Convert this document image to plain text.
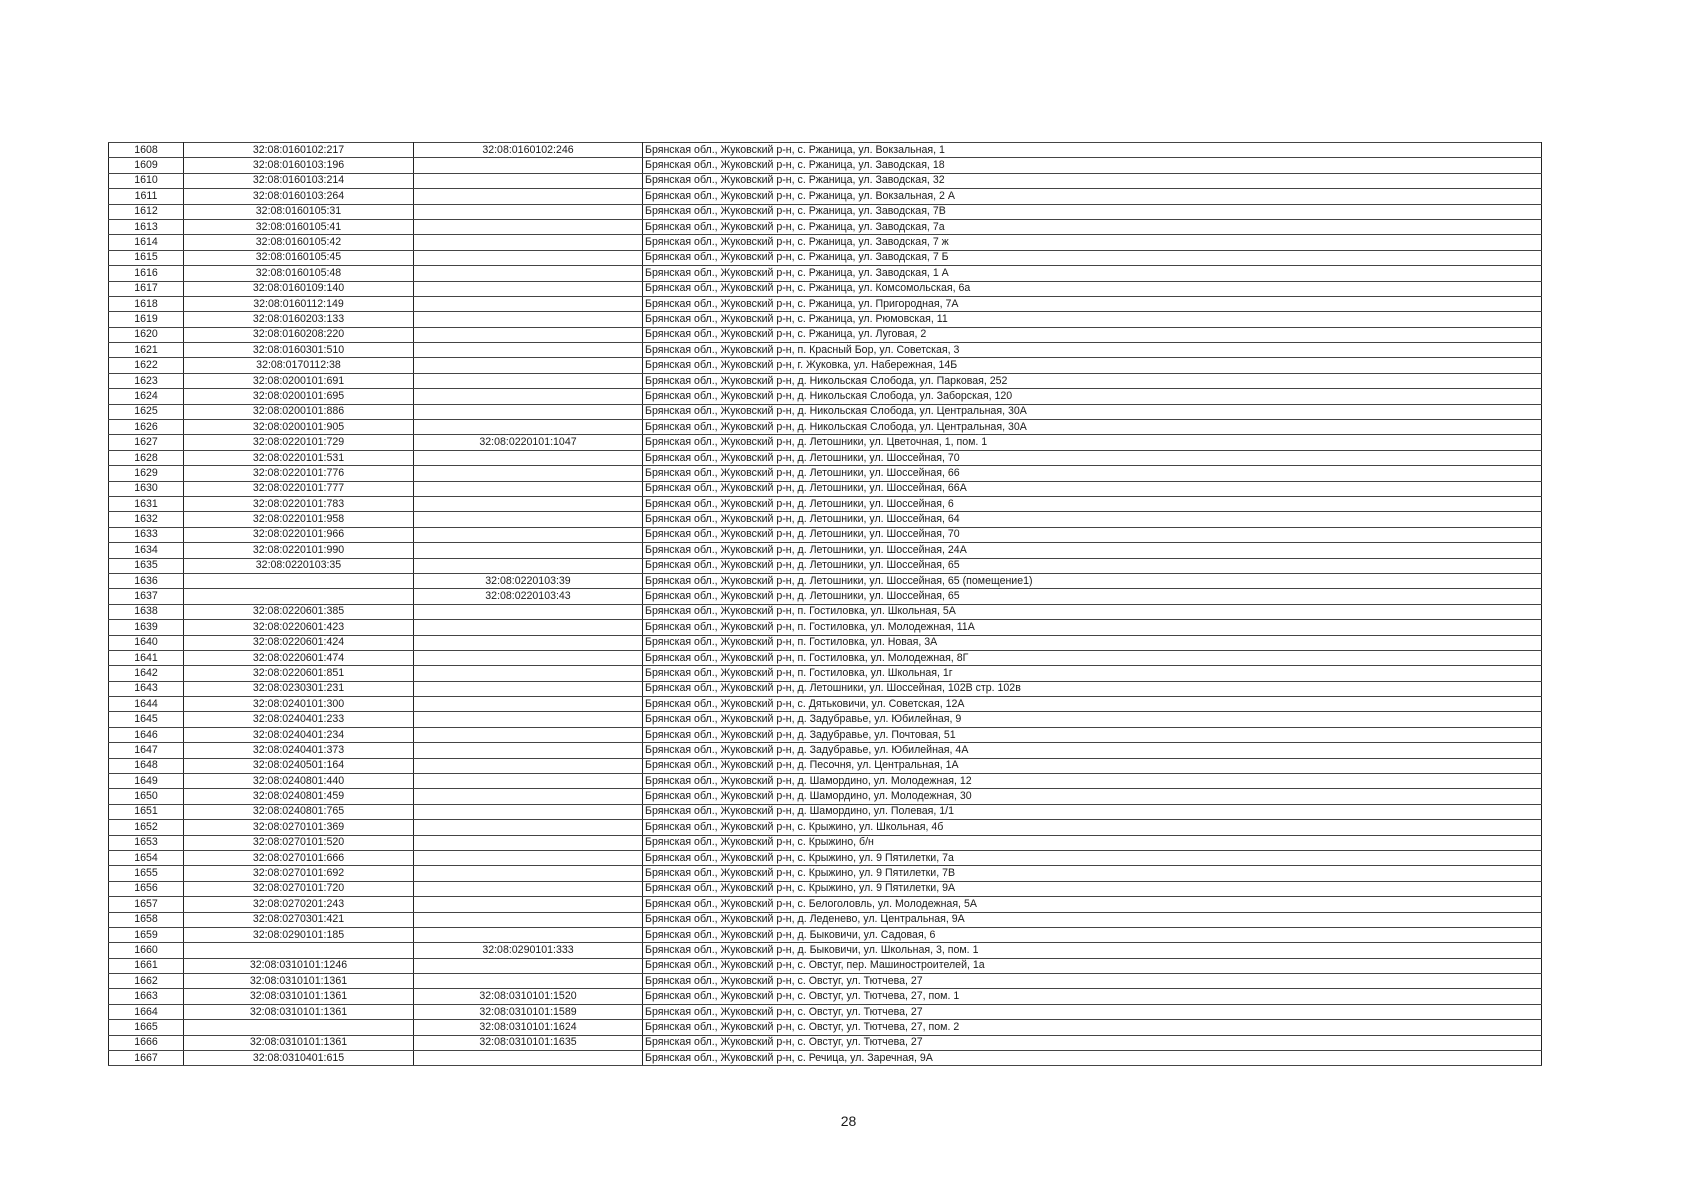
1608	32:08:0160102:217	32:08:0160102:246	Брянская обл., Жуковский р-н, с. Ржаница, ул. Вокзальная, 1
1609	32:08:0160103:196		Брянская обл., Жуковский р-н, с. Ржаница, ул. Заводская, 18
1610	32:08:0160103:214		Брянская обл., Жуковский р-н, с. Ржаница, ул. Заводская, 32
1611	32:08:0160103:264		Брянская обл., Жуковский р-н, с. Ржаница, ул. Вокзальная, 2 А
1612	32:08:0160105:31		Брянская обл., Жуковский р-н, с. Ржаница, ул. Заводская, 7В
1613	32:08:0160105:41		Брянская обл., Жуковский р-н, с. Ржаница, ул. Заводская, 7а
1614	32:08:0160105:42		Брянская обл., Жуковский р-н, с. Ржаница, ул. Заводская, 7 ж
1615	32:08:0160105:45		Брянская обл., Жуковский р-н, с. Ржаница, ул. Заводская, 7 Б
1616	32:08:0160105:48		Брянская обл., Жуковский р-н, с. Ржаница, ул. Заводская, 1 А
1617	32:08:0160109:140		Брянская обл., Жуковский р-н, с. Ржаница, ул. Комсомольская, 6а
1618	32:08:0160112:149		Брянская обл., Жуковский р-н, с. Ржаница, ул. Пригородная, 7А
1619	32:08:0160203:133		Брянская обл., Жуковский р-н, с. Ржаница, ул. Рюмовская, 11
1620	32:08:0160208:220		Брянская обл., Жуковский р-н, с. Ржаница, ул. Луговая, 2
1621	32:08:0160301:510		Брянская обл., Жуковский р-н, п. Красный Бор, ул. Советская, 3
1622	32:08:0170112:38		Брянская обл., Жуковский р-н, г. Жуковка, ул. Набережная, 14Б
1623	32:08:0200101:691		Брянская обл., Жуковский р-н, д. Никольская Слобода, ул. Парковая, 252
1624	32:08:0200101:695		Брянская обл., Жуковский р-н, д. Никольская Слобода, ул. Заборская, 120
1625	32:08:0200101:886		Брянская обл., Жуковский р-н, д. Никольская Слобода, ул. Центральная, 30А
1626	32:08:0200101:905		Брянская обл., Жуковский р-н, д. Никольская Слобода, ул. Центральная, 30А
1627	32:08:0220101:729	32:08:0220101:1047	Брянская обл., Жуковский р-н, д. Летошники, ул. Цветочная, 1, пом. 1
1628	32:08:0220101:531		Брянская обл., Жуковский р-н, д. Летошники, ул. Шоссейная, 70
1629	32:08:0220101:776		Брянская обл., Жуковский р-н, д. Летошники, ул. Шоссейная, 66
1630	32:08:0220101:777		Брянская обл., Жуковский р-н, д. Летошники, ул. Шоссейная, 66А
1631	32:08:0220101:783		Брянская обл., Жуковский р-н, д. Летошники, ул. Шоссейная, 6
1632	32:08:0220101:958		Брянская обл., Жуковский р-н, д. Летошники, ул. Шоссейная, 64
1633	32:08:0220101:966		Брянская обл., Жуковский р-н, д. Летошники, ул. Шоссейная, 70
1634	32:08:0220101:990		Брянская обл., Жуковский р-н, д. Летошники, ул. Шоссейная, 24А
1635	32:08:0220103:35		Брянская обл., Жуковский р-н, д. Летошники, ул. Шоссейная, 65
1636		32:08:0220103:39	Брянская обл., Жуковский р-н, д. Летошники, ул. Шоссейная, 65 (помещение1)
1637		32:08:0220103:43	Брянская обл., Жуковский р-н, д. Летошники, ул. Шоссейная, 65
1638	32:08:0220601:385		Брянская обл., Жуковский р-н, п. Гостиловка, ул. Школьная, 5А
1639	32:08:0220601:423		Брянская обл., Жуковский р-н, п. Гостиловка, ул. Молодежная, 11А
1640	32:08:0220601:424		Брянская обл., Жуковский р-н, п. Гостиловка, ул. Новая, 3А
1641	32:08:0220601:474		Брянская обл., Жуковский р-н, п. Гостиловка, ул. Молодежная, 8Г
1642	32:08:0220601:851		Брянская обл., Жуковский р-н, п. Гостиловка, ул. Школьная, 1г
1643	32:08:0230301:231		Брянская обл., Жуковский р-н, д. Летошники, ул. Шоссейная, 102В стр. 102в
1644	32:08:0240101:300		Брянская обл., Жуковский р-н, с. Дятьковичи, ул. Советская, 12А
1645	32:08:0240401:233		Брянская обл., Жуковский р-н, д. Задубравье, ул. Юбилейная, 9
1646	32:08:0240401:234		Брянская обл., Жуковский р-н, д. Задубравье, ул. Почтовая, 51
1647	32:08:0240401:373		Брянская обл., Жуковский р-н, д. Задубравье, ул. Юбилейная, 4А
1648	32:08:0240501:164		Брянская обл., Жуковский р-н, д. Песочня, ул. Центральная, 1А
1649	32:08:0240801:440		Брянская обл., Жуковский р-н, д. Шамордино, ул. Молодежная, 12
1650	32:08:0240801:459		Брянская обл., Жуковский р-н, д. Шамордино, ул. Молодежная, 30
1651	32:08:0240801:765		Брянская обл., Жуковский р-н, д. Шамордино, ул. Полевая, 1/1
1652	32:08:0270101:369		Брянская обл., Жуковский р-н, с. Крыжино, ул. Школьная, 4б
1653	32:08:0270101:520		Брянская обл., Жуковский р-н, с. Крыжино, б/н
1654	32:08:0270101:666		Брянская обл., Жуковский р-н, с. Крыжино, ул. 9 Пятилетки, 7а
1655	32:08:0270101:692		Брянская обл., Жуковский р-н, с. Крыжино, ул. 9 Пятилетки, 7В
1656	32:08:0270101:720		Брянская обл., Жуковский р-н, с. Крыжино, ул. 9 Пятилетки, 9А
1657	32:08:0270201:243		Брянская обл., Жуковский р-н, с. Белоголовль, ул. Молодежная, 5А
1658	32:08:0270301:421		Брянская обл., Жуковский р-н, д. Леденево, ул. Центральная, 9А
1659	32:08:0290101:185		Брянская обл., Жуковский р-н, д. Быковичи, ул. Садовая, 6
1660		32:08:0290101:333	Брянская обл., Жуковский р-н, д. Быковичи, ул. Школьная, 3, пом. 1
1661	32:08:0310101:1246		Брянская обл., Жуковский р-н, с. Овстуг, пер. Машиностроителей, 1а
1662	32:08:0310101:1361		Брянская обл., Жуковский р-н, с. Овстуг, ул. Тютчева, 27
1663	32:08:0310101:1361	32:08:0310101:1520	Брянская обл., Жуковский р-н, с. Овстуг, ул. Тютчева, 27, пом. 1
1664	32:08:0310101:1361	32:08:0310101:1589	Брянская обл., Жуковский р-н, с. Овстуг, ул. Тютчева, 27
1665		32:08:0310101:1624	Брянская обл., Жуковский р-н, с. Овстуг, ул. Тютчева, 27, пом. 2
1666	32:08:0310101:1361	32:08:0310101:1635	Брянская обл., Жуковский р-н, с. Овстуг, ул. Тютчева, 27
1667	32:08:0310401:615		Брянская обл., Жуковский р-н, с. Речица, ул. Заречная, 9А
28
